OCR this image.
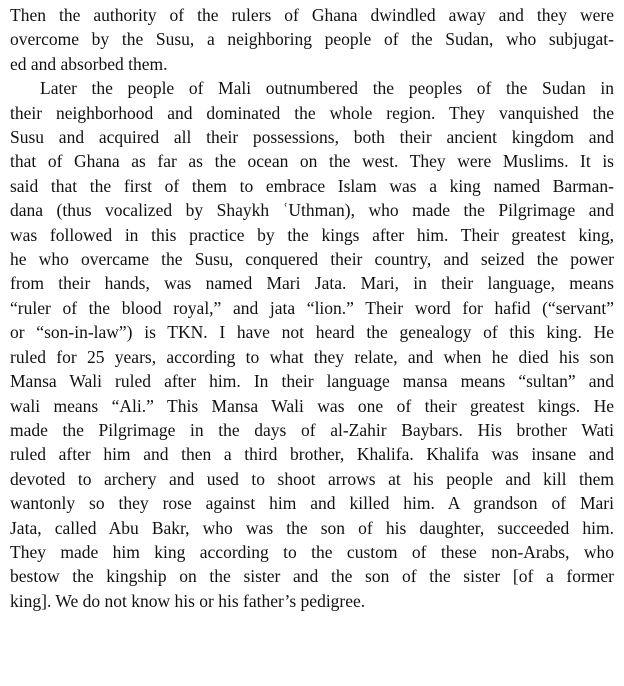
Then the authority of the rulers of Ghana dwindled away and they were
overcome by the Susu, a neighboring people of the Sudan, who subjugat-
ed and absorbed them.
Later the people of Mali outnumbered the peoples of the Sudan in
their neighborhood and dominated the whole region. They vanquished the
Susu and acquired all their possessions, both their ancient kingdom and
that of Ghana as far as the ocean on the west. They were Muslims. It is
said that the first of them to embrace Islam was a king named Barman-
dana (thus vocalized by Shaykh ʿUthman), who made the Pilgrimage and
was followed in this practice by the kings after him. Their greatest king,
he who overcame the Susu, conquered their country, and seized the power
from their hands, was named Mari Jata. Mari, in their language, means
“ruler of the blood royal,” and jata “lion.” Their word for hafid (“servant”
or “son-in-law”) is TKN. I have not heard the genealogy of this king. He
ruled for 25 years, according to what they relate, and when he died his son
Mansa Wali ruled after him. In their language mansa means “sultan” and
wali means “Ali.” This Mansa Wali was one of their greatest kings. He
made the Pilgrimage in the days of al-Zahir Baybars. His brother Wati
ruled after him and then a third brother, Khalifa. Khalifa was insane and
devoted to archery and used to shoot arrows at his people and kill them
wantonly so they rose against him and killed him. A grandson of Mari
Jata, called Abu Bakr, who was the son of his daughter, succeeded him.
They made him king according to the custom of these non-Arabs, who
bestow the kingship on the sister and the son of the sister [of a former
king]. We do not know his or his father’s pedigree.
